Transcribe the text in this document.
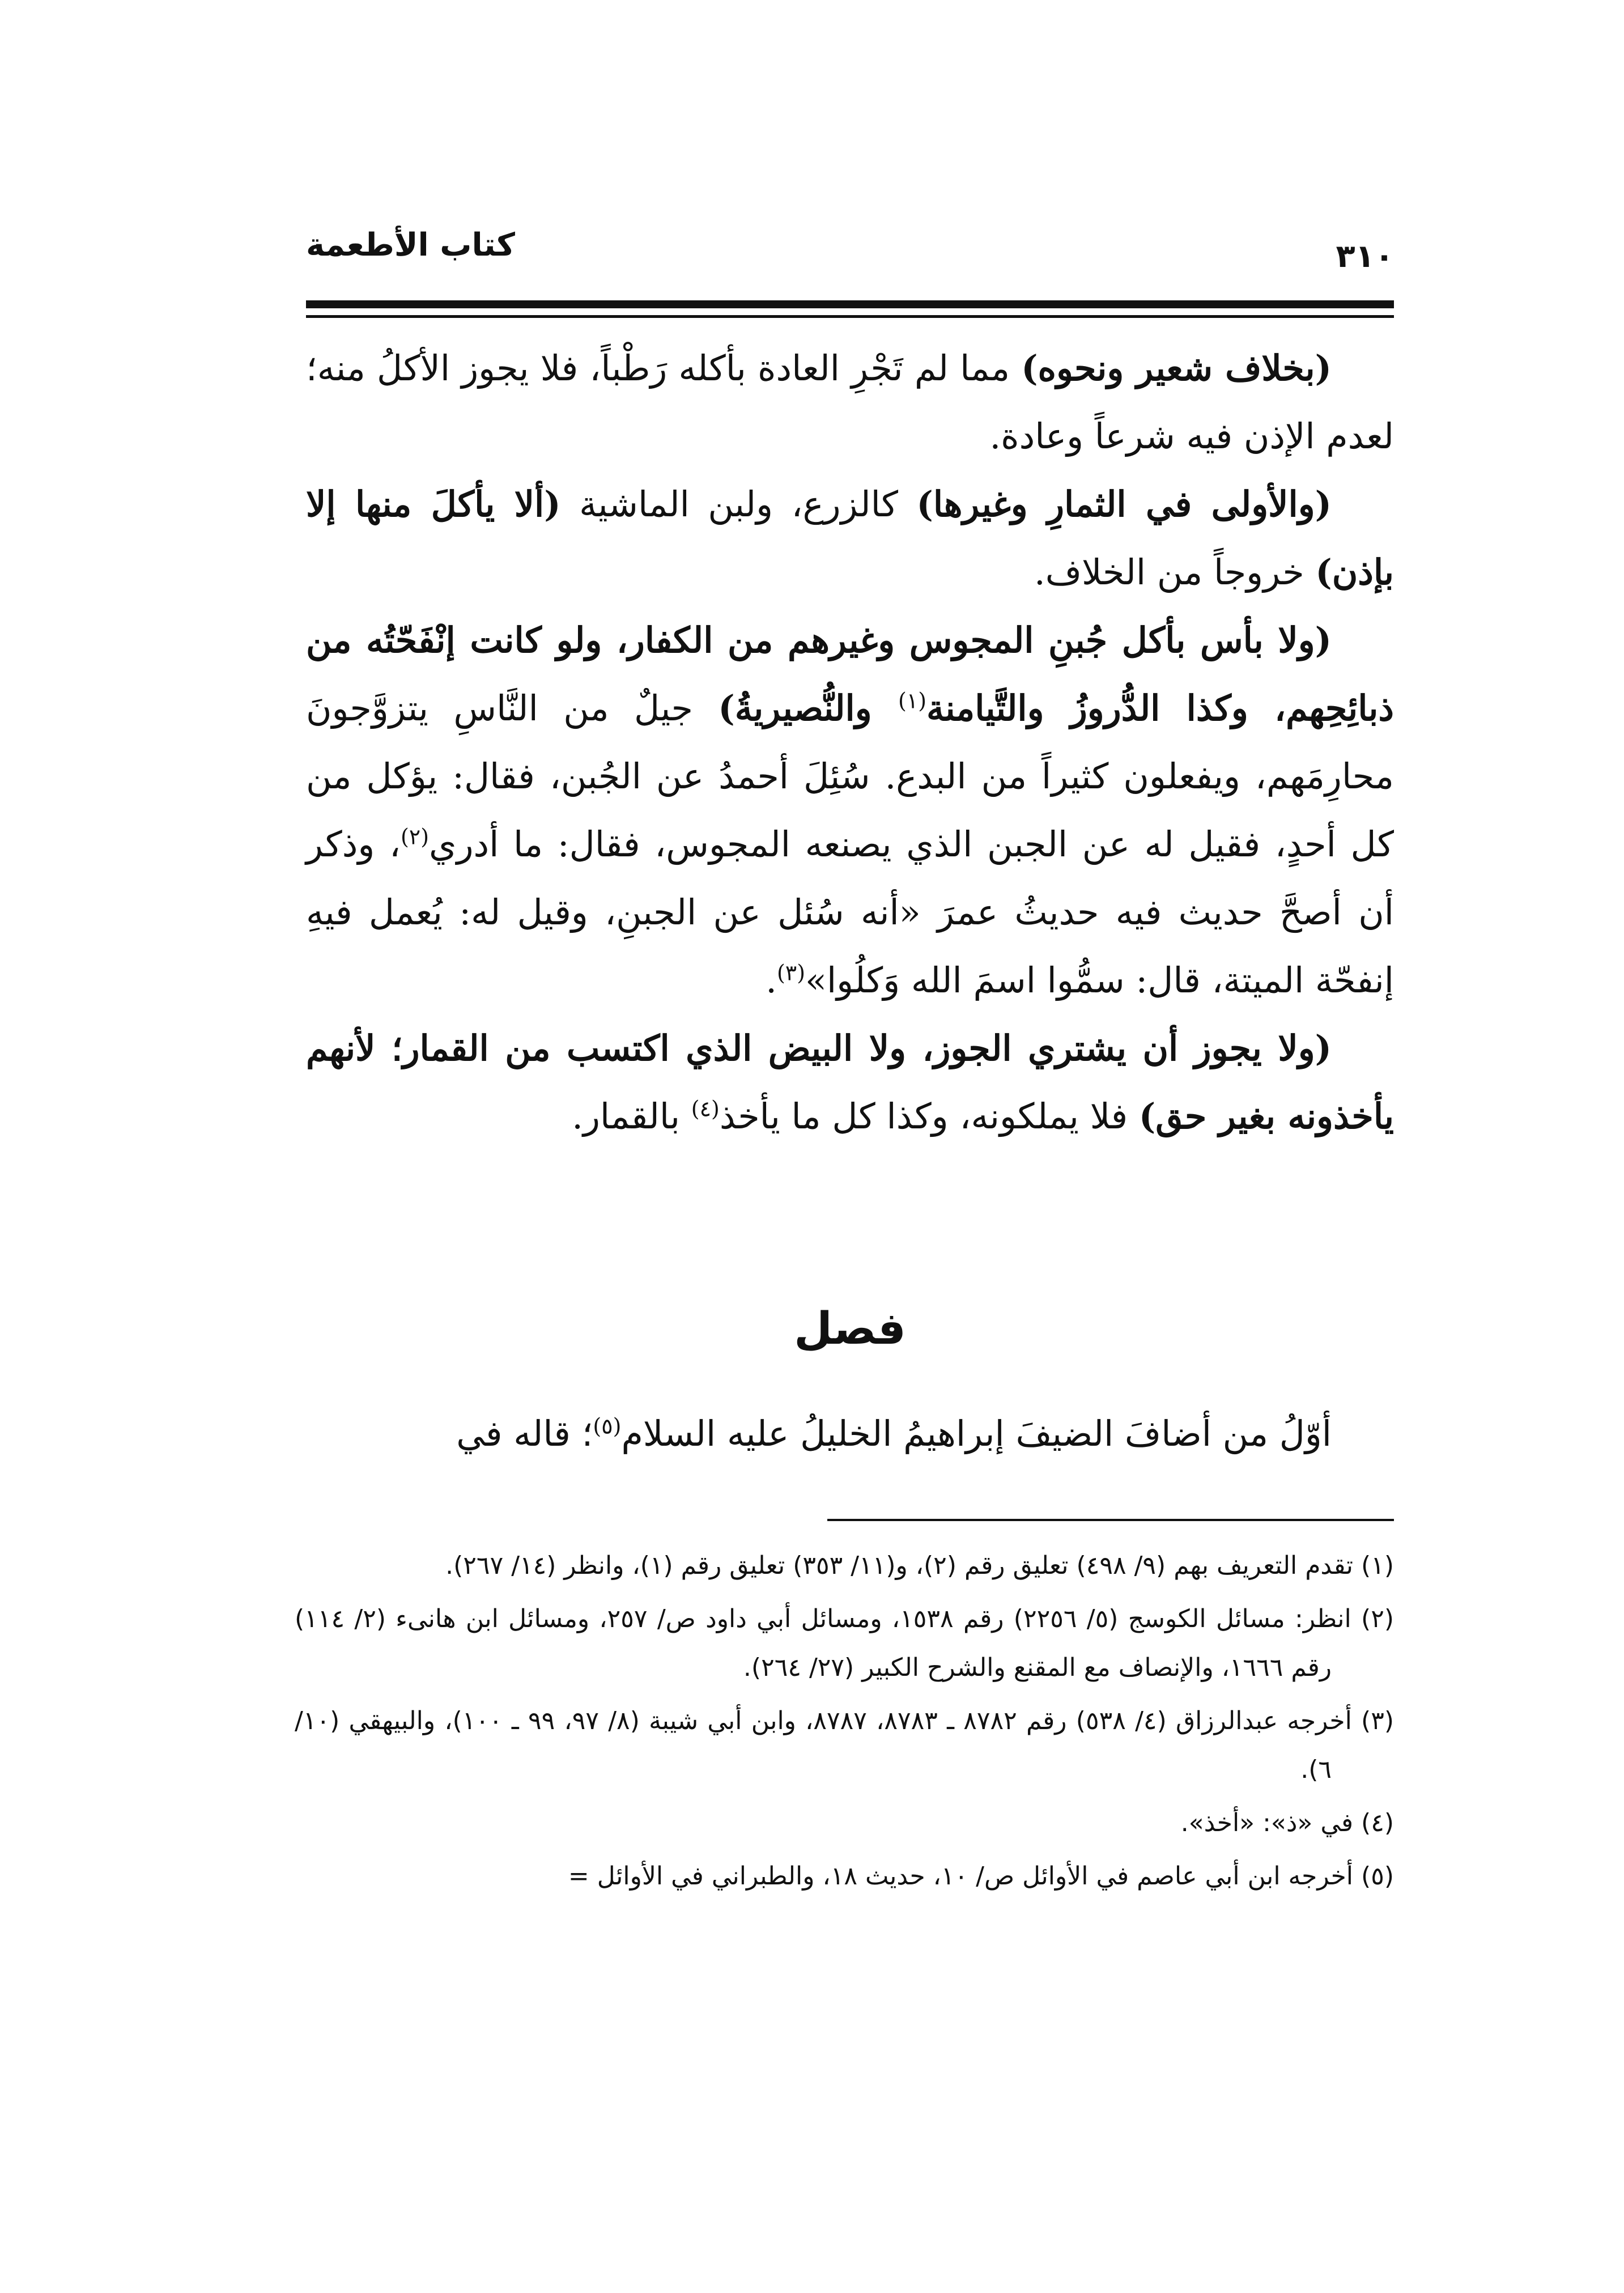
كتاب الأطعمة	٣١٠

(بخلاف شعير ونحوه) مما لم تَجْرِ العادة بأكله رَطْباً، فلا يجوز الأكلُ منه؛ لعدم الإذن فيه شرعاً وعادة.

(والأولى في الثمارِ وغيرها) كالزرع، ولبن الماشية (ألا يأكلَ منها إلا بإذن) خروجاً من الخلاف.

(ولا بأس بأكل جُبنِ المجوس وغيرهم من الكفار، ولو كانت إنْفَحّتُه من ذبائِحِهم، وكذا الدُّروزُ والتَّيامنة$^{(١)}$ والنُّصيريةُ) جيلٌ من النَّاسِ يتزوَّجونَ محارِمَهم، ويفعلون كثيراً من البدع. سُئِلَ أحمدُ عن الجُبن، فقال: يؤكل من كل أحدٍ، فقيل له عن الجبن الذي يصنعه المجوس، فقال: ما أدري$^{(٢)}$، وذكر أن أصحَّ حديث فيه حديثُ عمرَ «أنه سُئل عن الجبنِ، وقيل له: يُعمل فيهِ إنفحّة الميتة، قال: سمُّوا اسمَ الله وَكلُوا»$^{(٣)}$.

(ولا يجوز أن يشتري الجوز، ولا البيض الذي اكتسب من القمار؛ لأنهم يأخذونه بغير حق) فلا يملكونه، وكذا كل ما يأخذ$^{(٤)}$ بالقمار.

فصل
أوّلُ من أضافَ الضيفَ إبراهيمُ الخليلُ عليه السلام$^{(٥)}$؛ قاله في

(١) تقدم التعريف بهم (٩/ ٤٩٨) تعليق رقم (٢)، و(١١/ ٣٥٣) تعليق رقم (١)، وانظر (١٤/ ٢٦٧).

(٢) انظر: مسائل الكوسج (٥/ ٢٢٥٦) رقم ١٥٣٨، ومسائل أبي داود ص/ ٢٥٧، ومسائل ابن هانىء (٢/ ١١٤) رقم ١٦٦٦، والإنصاف مع المقنع والشرح الكبير (٢٧/ ٢٦٤).

(٣) أخرجه عبدالرزاق (٤/ ٥٣٨) رقم ٨٧٨٢ ـ ٨٧٨٣، ٨٧٨٧، وابن أبي شيبة (٨/ ٩٧، ٩٩ ـ ١٠٠)، والبيهقي (١٠/ ٦).

(٤) في «ذ»: «أخذ».

(٥) أخرجه ابن أبي عاصم في الأوائل ص/ ١٠، حديث ١٨، والطبراني في الأوائل =
